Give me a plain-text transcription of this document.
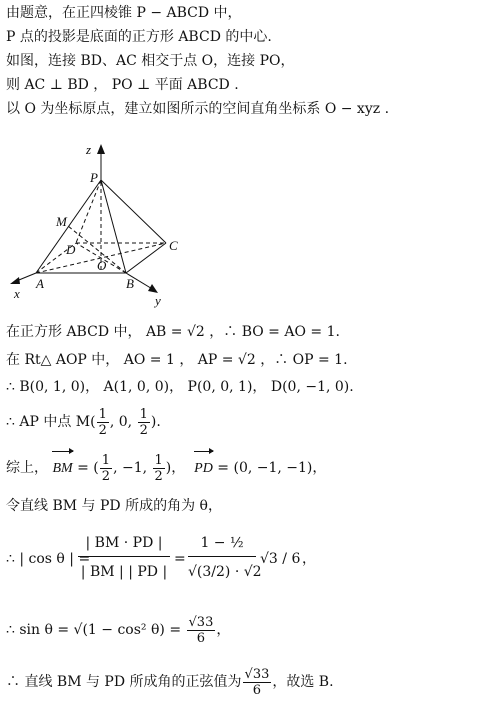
由题意，在正四棱锥 P − ABCD 中，
P 点的投影是底面的正方形 ABCD 的中心.
如图，连接 BD、AC 相交于点 O，连接 PO，
则 AC ⊥ BD ， PO ⊥ 平面 ABCD .
以 O 为坐标原点，建立如图所示的空间直角坐标系 O − xyz .
z
P
M
D	C
O
A	B
x	y
在正方形 ABCD 中， AB = √2 ，∴ BO = AO = 1.
在 Rt△ AOP 中， AO = 1 ， AP = √2 ，∴ OP = 1.
∴ B(0, 1, 0)， A(1, 0, 0)， P(0, 0, 1)， D(0, −1, 0).
∴ AP 中点 $M( \frac{1}{2}$ , 0, $\frac{1}{2}$ ).
综上， BM = ( $\frac{1}{2}$ , −1, $\frac{1}{2}$ )，  PD = (0, −1, −1)，
令直线 BM 与 PD 所成的角为 θ，
∴ | cos θ | =
$\frac{| BM \cdot PD |}{| BM | | PD |} = \frac{\text{1 − ½}}{√(3/2) \cdot √2} √3 / 6$ ，
∴ sin θ = √(1 − cos² $\theta) = \frac{√33}{6}$ ，
∴ 直线 BM 与 PD 所成角的正弦值为 $\frac{√33}{6}$ ，故选 B.
